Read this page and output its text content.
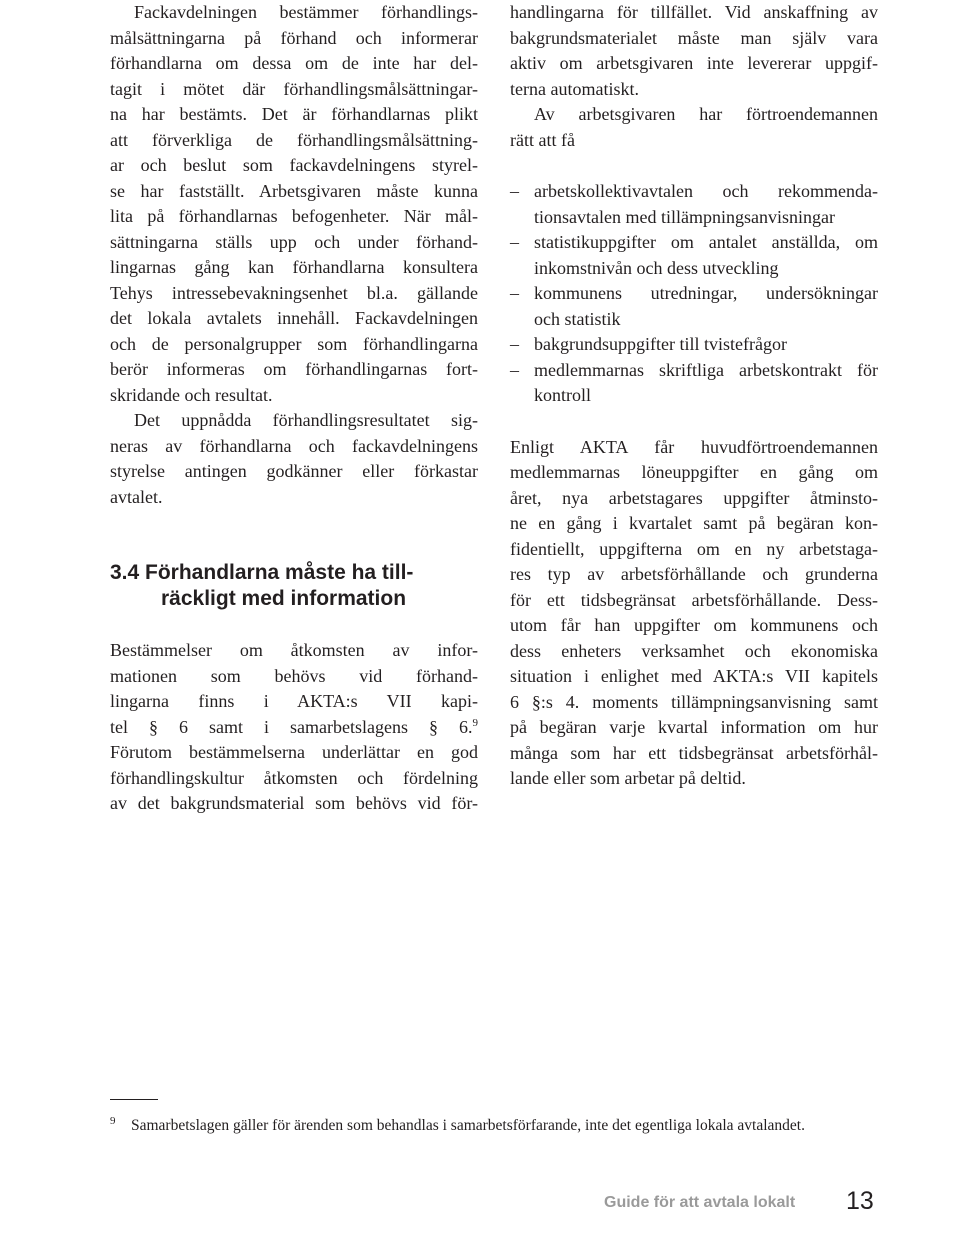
Fackavdelningen bestämmer förhandlings-
målsättningarna på förhand och informerar
förhandlarna om dessa om de inte har del-
tagit i mötet där förhandlingsmålsättningar-
na har bestämts. Det är förhandlarnas plikt
att förverkliga de förhandlingsmålsättning-
ar och beslut som fackavdelningens styrel-
se har fastställt. Arbetsgivaren måste kunna
lita på förhandlarnas befogenheter. När mål-
sättningarna ställs upp och under förhand-
lingarnas gång kan förhandlarna konsultera
Tehys intressebevakningsenhet bl.a. gällande
det lokala avtalets innehåll. Fackavdelningen
och de personalgrupper som förhandlingarna
berör informeras om förhandlingarnas fort-
skridande och resultat.
Det uppnådda förhandlingsresultatet sig-
neras av förhandlarna och fackavdelningens
styrelse antingen godkänner eller förkastar
avtalet.
3.4 Förhandlarna måste ha till-
räckligt med information
Bestämmelser om åtkomsten av infor-
mationen som behövs vid förhand-
lingarna finns i AKTA:s VII kapi-
tel § 6 samt i samarbetslagens § 6.$^9$
Förutom bestämmelserna underlättar en god
förhandlingskultur åtkomsten och fördelning
av det bakgrundsmaterial som behövs vid för-
handlingarna för tillfället. Vid anskaffning av
bakgrundsmaterialet måste man själv vara
aktiv om arbetsgivaren inte levererar uppgif-
terna automatiskt.
Av arbetsgivaren har förtroendemannen
rätt att få
– arbetskollektivavtalen och rekommenda-
tionsavtalen med tillämpningsanvisningar
– statistikuppgifter om antalet anställda, om
inkomstnivån och dess utveckling
– kommunens utredningar, undersökningar
och statistik
– bakgrundsuppgifter till tvistefrågor
– medlemmarnas skriftliga arbetskontrakt för
kontroll
Enligt AKTA får huvudförtroendemannen
medlemmarnas löneuppgifter en gång om
året, nya arbetstagares uppgifter åtminsto-
ne en gång i kvartalet samt på begäran kon-
fidentiellt, uppgifterna om en ny arbetstaga-
res typ av arbetsförhållande och grunderna
för ett tidsbegränsat arbetsförhållande. Dess-
utom får han uppgifter om kommunens och
dess enheters verksamhet och ekonomiska
situation i enlighet med AKTA:s VII kapitels
6 §:s 4. moments tillämpningsanvisning samt
på begäran varje kvartal information om hur
många som har ett tidsbegränsat arbetsförhål-
lande eller som arbetar på deltid.
9 Samarbetslagen gäller för ärenden som behandlas i samarbetsförfarande, inte det egentliga lokala avtalandet.
Guide för att avtala lokalt 13
